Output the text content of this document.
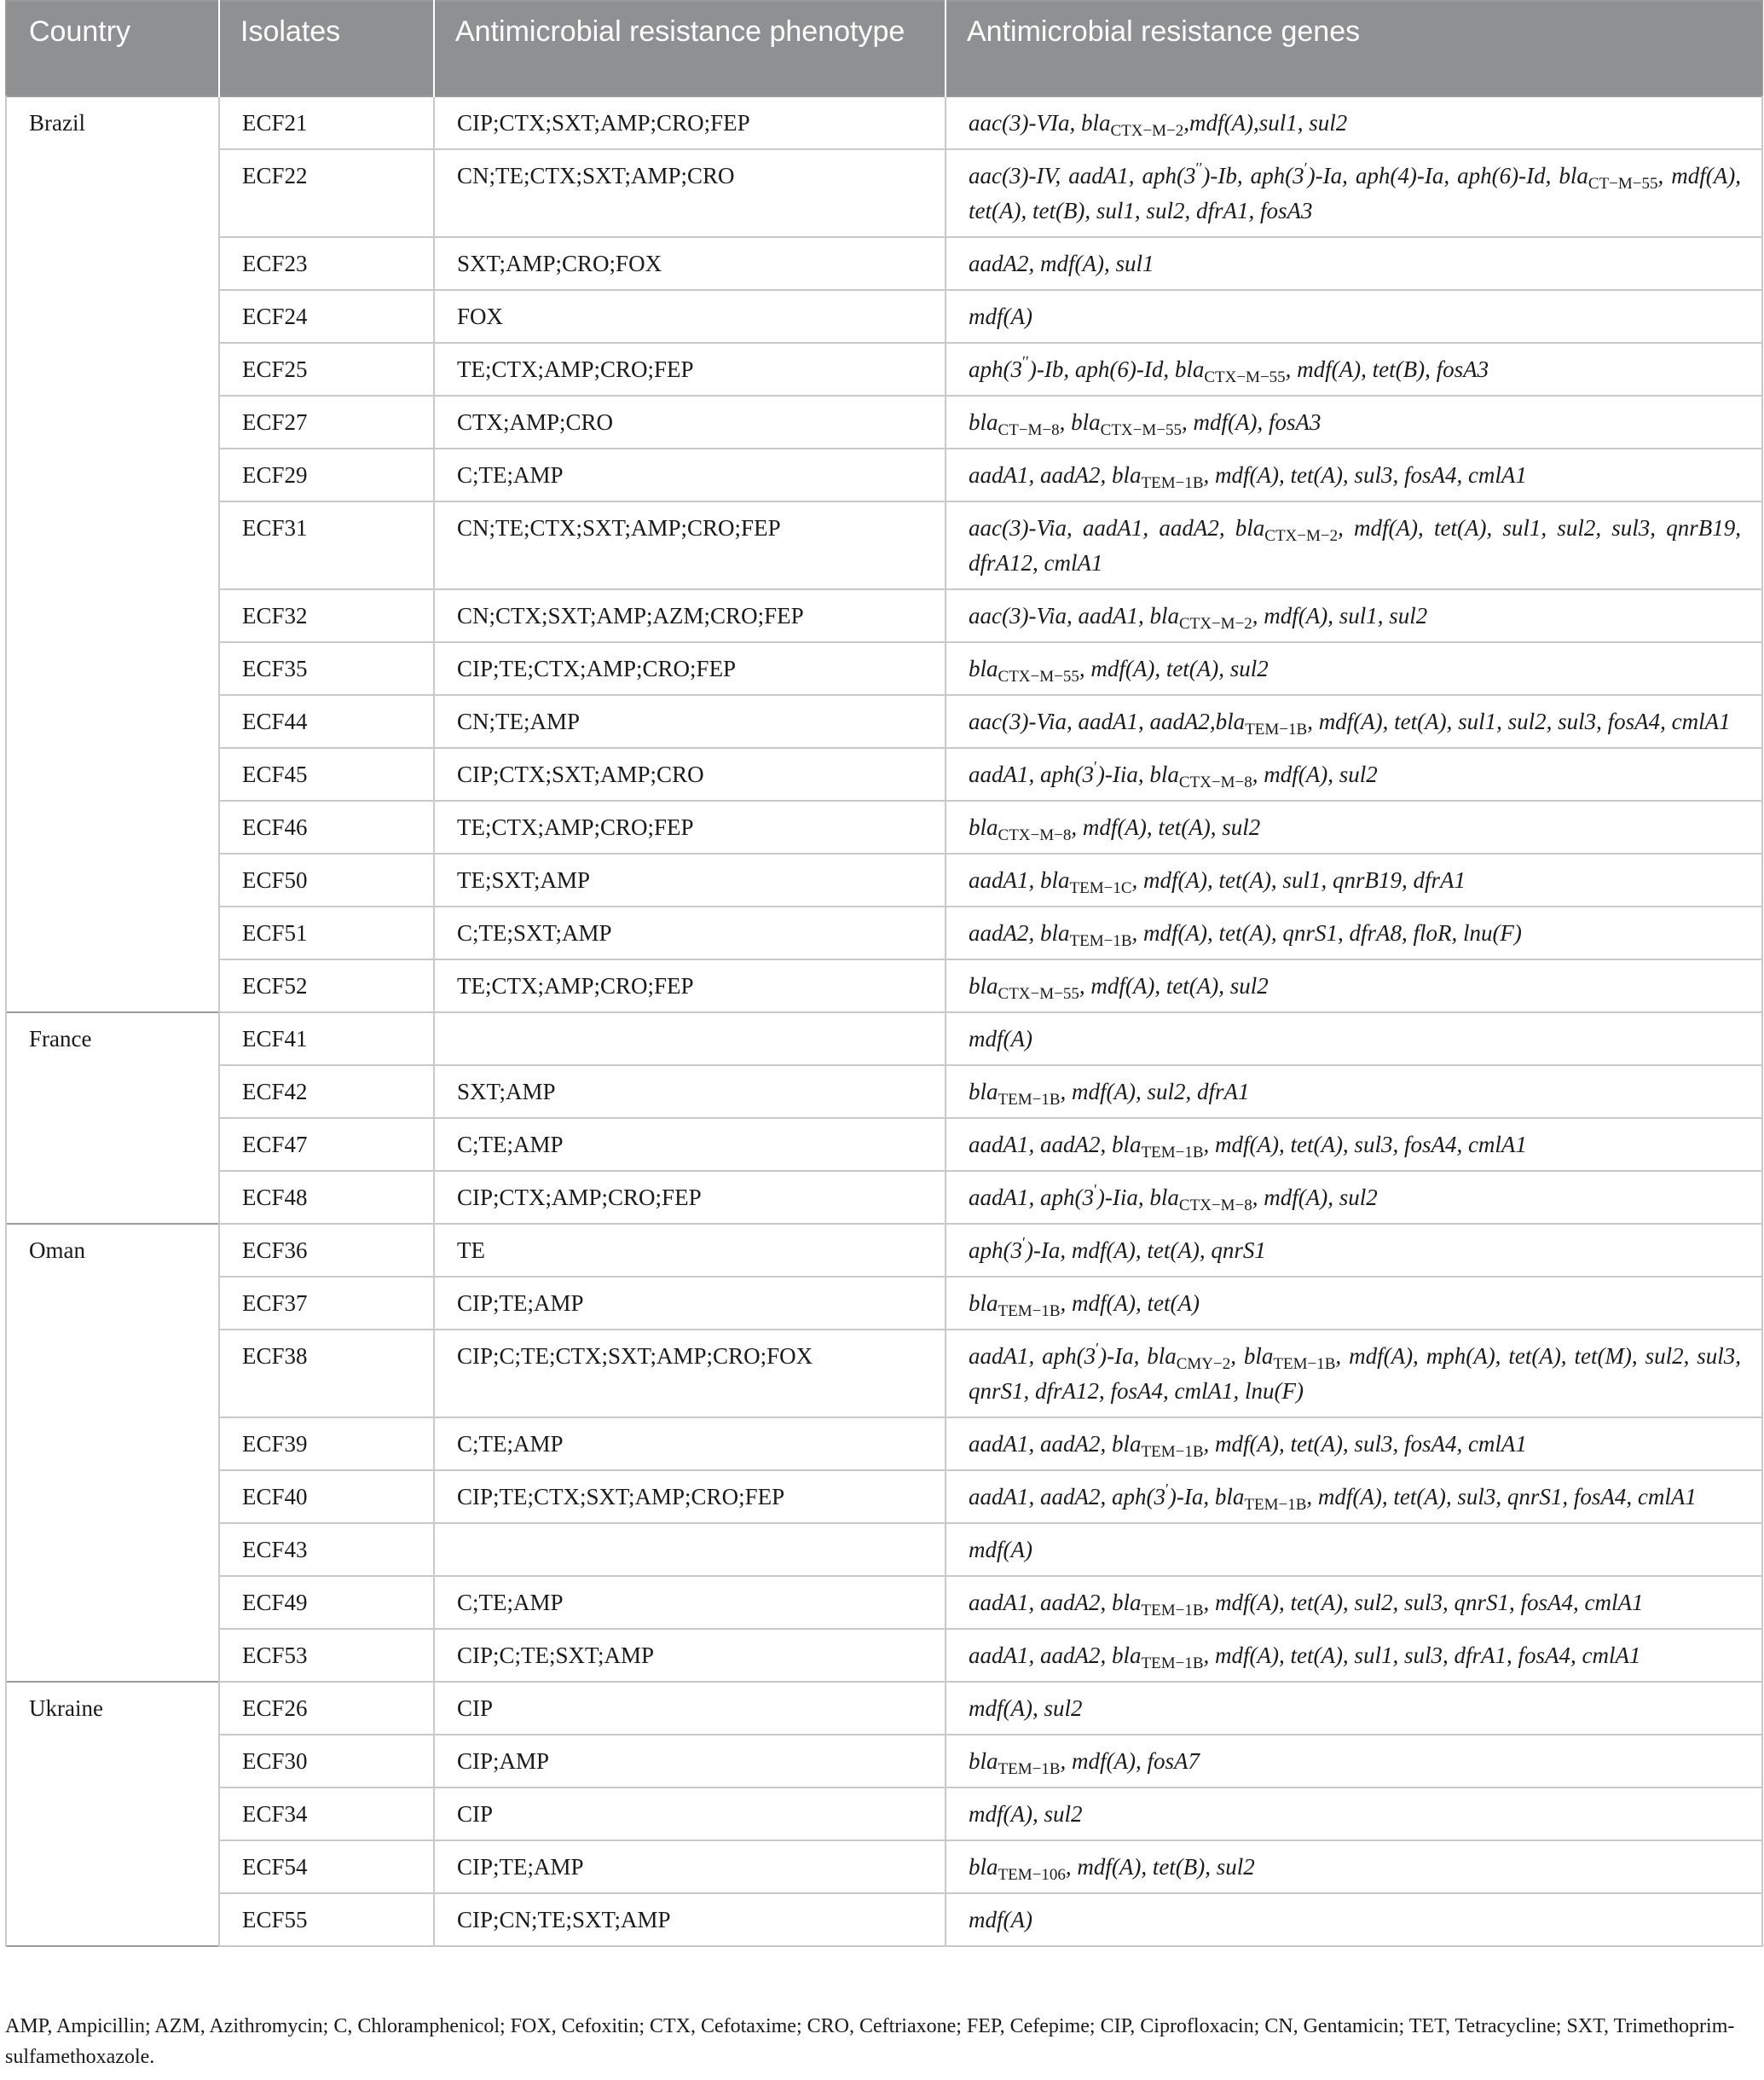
Country	Isolates	Antimicrobial resistance phenotype	Antimicrobial resistance genes
Brazil	ECF21	CIP;CTX;SXT;AMP;CRO;FEP	aac(3)-VIa, bla$_{CTX-M-2}$,mdf(A),sul1, sul2
	ECF22	CN;TE;CTX;SXT;AMP;CRO	aac(3)-IV, aadA1, aph(3′′)-Ib, aph(3′)-Ia, aph(4)-Ia, aph(6)-Id, bla$_{CT-M-55}$, mdf(A), tet(A), tet(B), sul1, sul2, dfrA1, fosA3
	ECF23	SXT;AMP;CRO;FOX	aadA2, mdf(A), sul1
	ECF24	FOX	mdf(A)
	ECF25	TE;CTX;AMP;CRO;FEP	aph(3′′)-Ib, aph(6)-Id, bla$_{CTX-M-55}$, mdf(A), tet(B), fosA3
	ECF27	CTX;AMP;CRO	bla$_{CT-M-8}$, bla$_{CTX-M-55}$, mdf(A), fosA3
	ECF29	C;TE;AMP	aadA1, aadA2, bla$_{TEM-1B}$, mdf(A), tet(A), sul3, fosA4, cmlA1
	ECF31	CN;TE;CTX;SXT;AMP;CRO;FEP	aac(3)-Via, aadA1, aadA2, bla$_{CTX-M-2}$, mdf(A), tet(A), sul1, sul2, sul3, qnrB19, dfrA12, cmlA1
	ECF32	CN;CTX;SXT;AMP;AZM;CRO;FEP	aac(3)-Via, aadA1, bla$_{CTX-M-2}$, mdf(A), sul1, sul2
	ECF35	CIP;TE;CTX;AMP;CRO;FEP	bla$_{CTX-M-55}$, mdf(A), tet(A), sul2
	ECF44	CN;TE;AMP	aac(3)-Via, aadA1, aadA2,bla$_{TEM-1B}$, mdf(A), tet(A), sul1, sul2, sul3, fosA4, cmlA1
	ECF45	CIP;CTX;SXT;AMP;CRO	aadA1, aph(3′)-Iia, bla$_{CTX-M-8}$, mdf(A), sul2
	ECF46	TE;CTX;AMP;CRO;FEP	bla$_{CTX-M-8}$, mdf(A), tet(A), sul2
	ECF50	TE;SXT;AMP	aadA1, bla$_{TEM-1C}$, mdf(A), tet(A), sul1, qnrB19, dfrA1
	ECF51	C;TE;SXT;AMP	aadA2, bla$_{TEM-1B}$, mdf(A), tet(A), qnrS1, dfrA8, floR, lnu(F)
	ECF52	TE;CTX;AMP;CRO;FEP	bla$_{CTX-M-55}$, mdf(A), tet(A), sul2
France	ECF41		mdf(A)
	ECF42	SXT;AMP	bla$_{TEM-1B}$, mdf(A), sul2, dfrA1
	ECF47	C;TE;AMP	aadA1, aadA2, bla$_{TEM-1B}$, mdf(A), tet(A), sul3, fosA4, cmlA1
	ECF48	CIP;CTX;AMP;CRO;FEP	aadA1, aph(3′)-Iia, bla$_{CTX-M-8}$, mdf(A), sul2
Oman	ECF36	TE	aph(3′)-Ia, mdf(A), tet(A), qnrS1
	ECF37	CIP;TE;AMP	bla$_{TEM-1B}$, mdf(A), tet(A)
	ECF38	CIP;C;TE;CTX;SXT;AMP;CRO;FOX	aadA1, aph(3′)-Ia, bla$_{CMY-2}$, bla$_{TEM-1B}$, mdf(A), mph(A), tet(A), tet(M), sul2, sul3, qnrS1, dfrA12, fosA4, cmlA1, lnu(F)
	ECF39	C;TE;AMP	aadA1, aadA2, bla$_{TEM-1B}$, mdf(A), tet(A), sul3, fosA4, cmlA1
	ECF40	CIP;TE;CTX;SXT;AMP;CRO;FEP	aadA1, aadA2, aph(3′)-Ia, bla$_{TEM-1B}$, mdf(A), tet(A), sul3, qnrS1, fosA4, cmlA1
	ECF43		mdf(A)
	ECF49	C;TE;AMP	aadA1, aadA2, bla$_{TEM-1B}$, mdf(A), tet(A), sul2, sul3, qnrS1, fosA4, cmlA1
	ECF53	CIP;C;TE;SXT;AMP	aadA1, aadA2, bla$_{TEM-1B}$, mdf(A), tet(A), sul1, sul3, dfrA1, fosA4, cmlA1
Ukraine	ECF26	CIP	mdf(A), sul2
	ECF30	CIP;AMP	bla$_{TEM-1B}$, mdf(A), fosA7
	ECF34	CIP	mdf(A), sul2
	ECF54	CIP;TE;AMP	bla$_{TEM-106}$, mdf(A), tet(B), sul2
	ECF55	CIP;CN;TE;SXT;AMP	mdf(A)
AMP, Ampicillin; AZM, Azithromycin; C, Chloramphenicol; FOX, Cefoxitin; CTX, Cefotaxime; CRO, Ceftriaxone; FEP, Cefepime; CIP, Ciprofloxacin; CN, Gentamicin; TET, Tetracycline; SXT, Trimethoprim-sulfamethoxazole.
